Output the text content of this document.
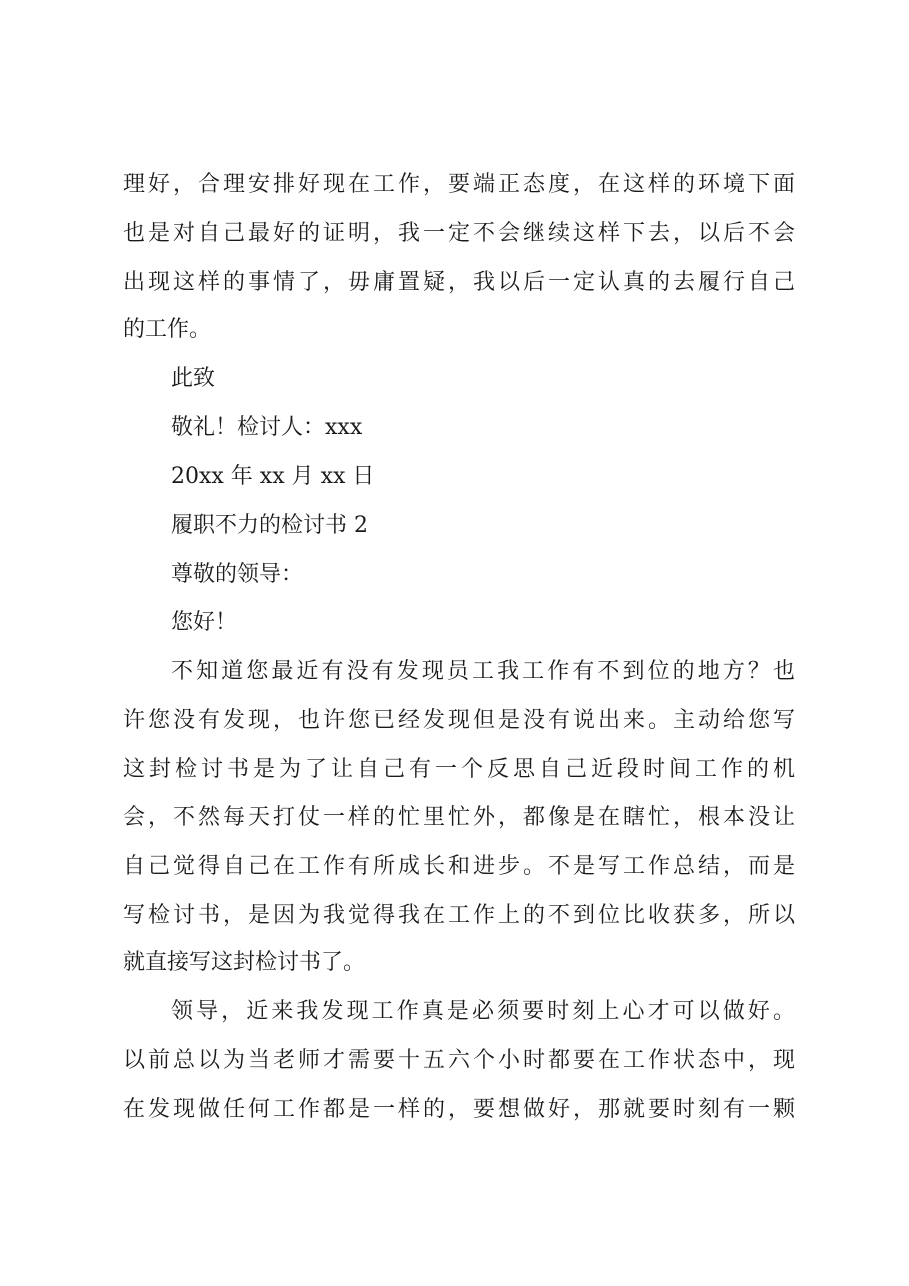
理好，合理安排好现在工作，要端正态度，在这样的环境下面
也是对自己最好的证明，我一定不会继续这样下去，以后不会
出现这样的事情了，毋庸置疑，我以后一定认真的去履行自己
的工作。
此致
敬礼！检讨人：xxx
20xx 年 xx 月 xx 日
履职不力的检讨书 2
尊敬的领导：
您好！
不知道您最近有没有发现员工我工作有不到位的地方？也
许您没有发现，也许您已经发现但是没有说出来。主动给您写
这封检讨书是为了让自己有一个反思自己近段时间工作的机
会，不然每天打仗一样的忙里忙外，都像是在瞎忙，根本没让
自己觉得自己在工作有所成长和进步。不是写工作总结，而是
写检讨书，是因为我觉得我在工作上的不到位比收获多，所以
就直接写这封检讨书了。
领导，近来我发现工作真是必须要时刻上心才可以做好。
以前总以为当老师才需要十五六个小时都要在工作状态中，现
在发现做任何工作都是一样的，要想做好，那就要时刻有一颗
